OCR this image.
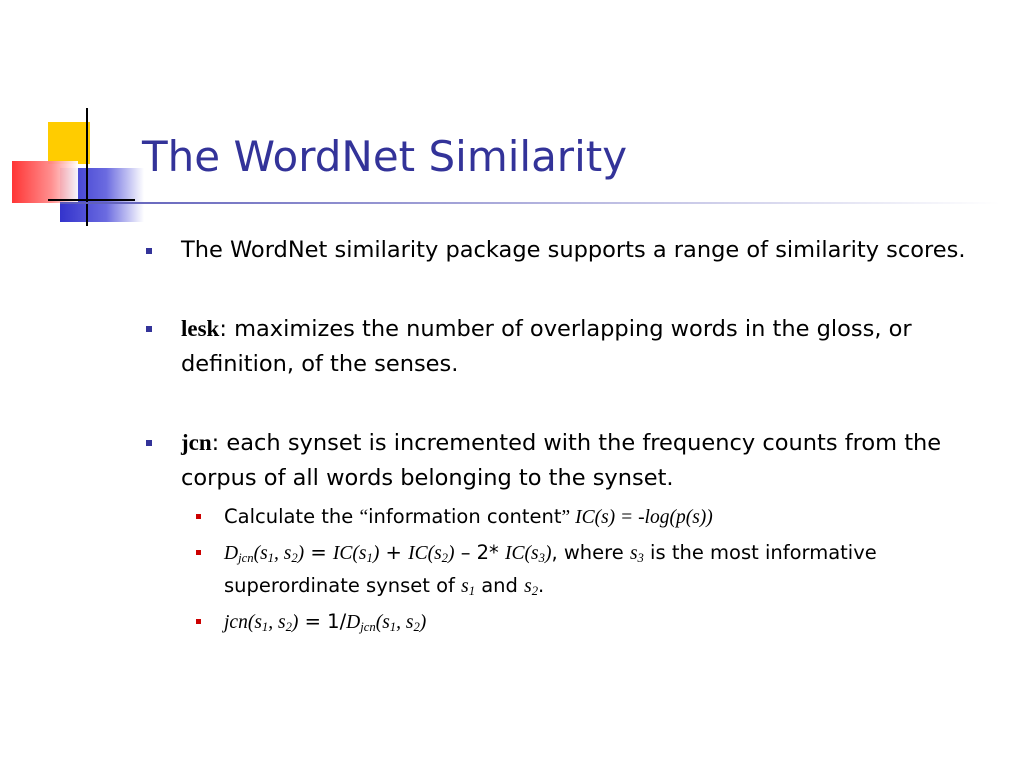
The WordNet Similarity
The WordNet similarity package supports a range of similarity scores.
lesk: maximizes the number of overlapping words in the gloss, or definition, of the senses.
jcn: each synset is incremented with the frequency counts from the corpus of all words belonging to the synset.
Calculate the “information content” IC(s) = -log(p(s))
$D_{jcn}(s_1$, $s_2) = IC(s_1) + IC(s_2) - 2*$ $IC(s_3)$, where $s_3$ is the most informative superordinate synset of $s_1$ and $s_2$.
$jcn(s_1$, $s_2) = 1/D_{jcn}(s_1$, $s_2$)
